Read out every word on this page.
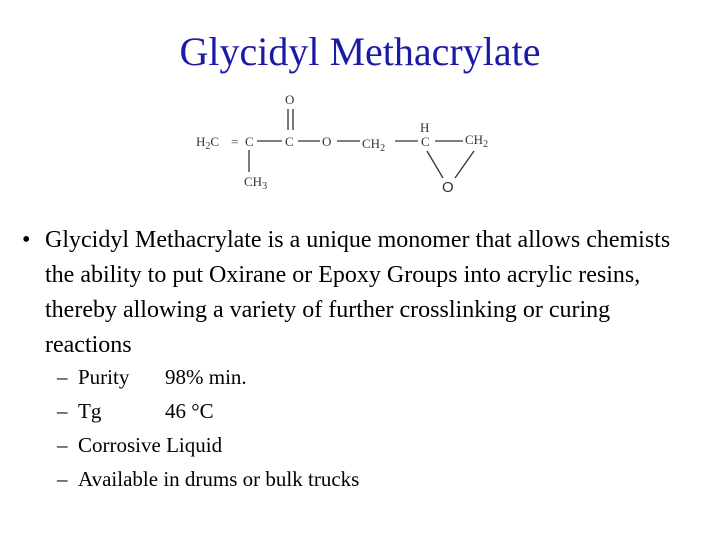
Glycidyl Methacrylate
O
$H_2C = C$ C O $CH_2$
H
C	$CH_2$
$CH_3$	O
• Glycidyl Methacrylate is a unique monomer that allows chemists the ability to put Oxirane or Epoxy Groups into acrylic resins, thereby allowing a variety of further crosslinking or curing reactions
– Purity 98% min.
– Tg	46 °C
– Corrosive Liquid
– Available in drums or bulk trucks
